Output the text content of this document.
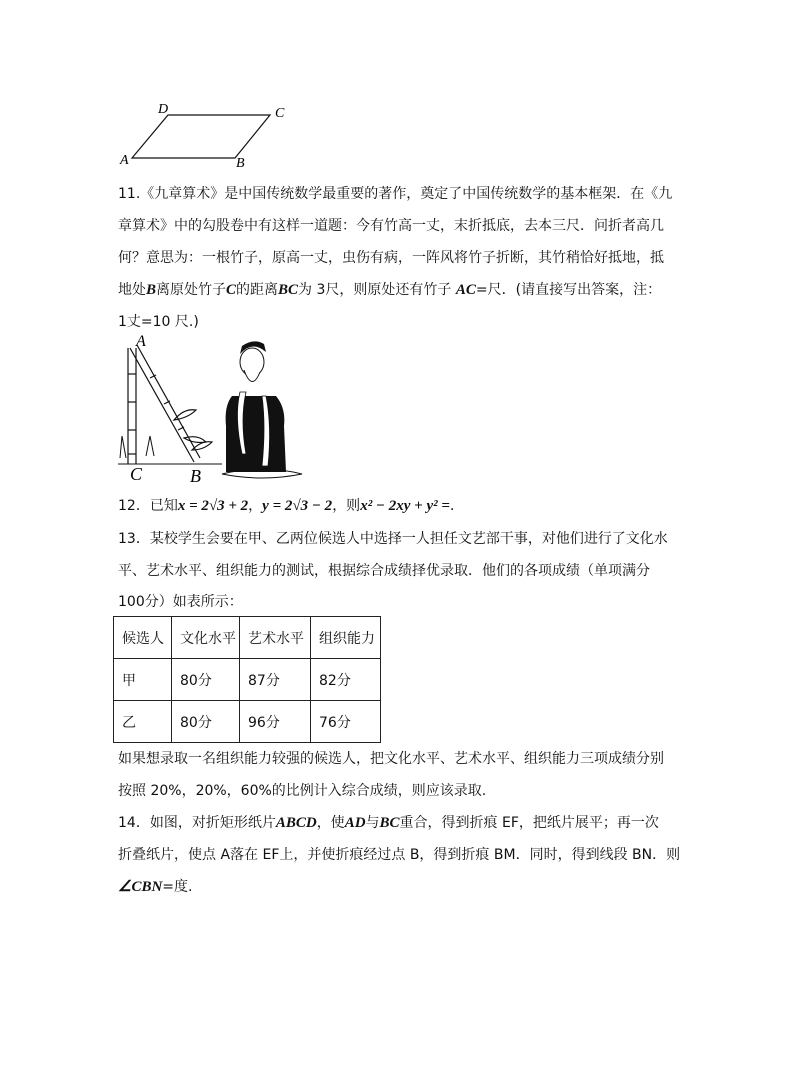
D	C
A	B
11.《九章算术》是中国传统数学最重要的著作，奠定了中国传统数学的基本框架．在《九
章算术》中的勾股卷中有这样一道题：今有竹高一丈，末折抵底，去本三尺．问折者高几
何？意思为：一根竹子，原高一丈，虫伤有病，一阵风将竹子折断，其竹稍恰好抵地，抵
地处B离原处竹子C的距离BC为 3尺，则原处还有竹子 AC=尺．(请直接写出答案，注：
1丈=10 尺.)
A
C	B
12．已知x = 2√3 + 2，y = 2√3 − 2，则x² − 2xy + y² =．
13．某校学生会要在甲、乙两位候选人中选择一人担任文艺部干事，对他们进行了文化水
平、艺术水平、组织能力的测试，根据综合成绩择优录取．他们的各项成绩（单项满分
100分）如表所示：
候选人	文化水平	艺术水平	组织能力
甲	80分	87分	82分
乙	80分	96分	76分
如果想录取一名组织能力较强的候选人，把文化水平、艺术水平、组织能力三项成绩分别
按照 20%，20%，60%的比例计入综合成绩，则应该录取.
14．如图，对折矩形纸片ABCD，使AD与BC重合，得到折痕 EF，把纸片展平；再一次
折叠纸片，使点 A落在 EF上，并使折痕经过点 B，得到折痕 BM．同时，得到线段 BN．则
∠CBN=度.
